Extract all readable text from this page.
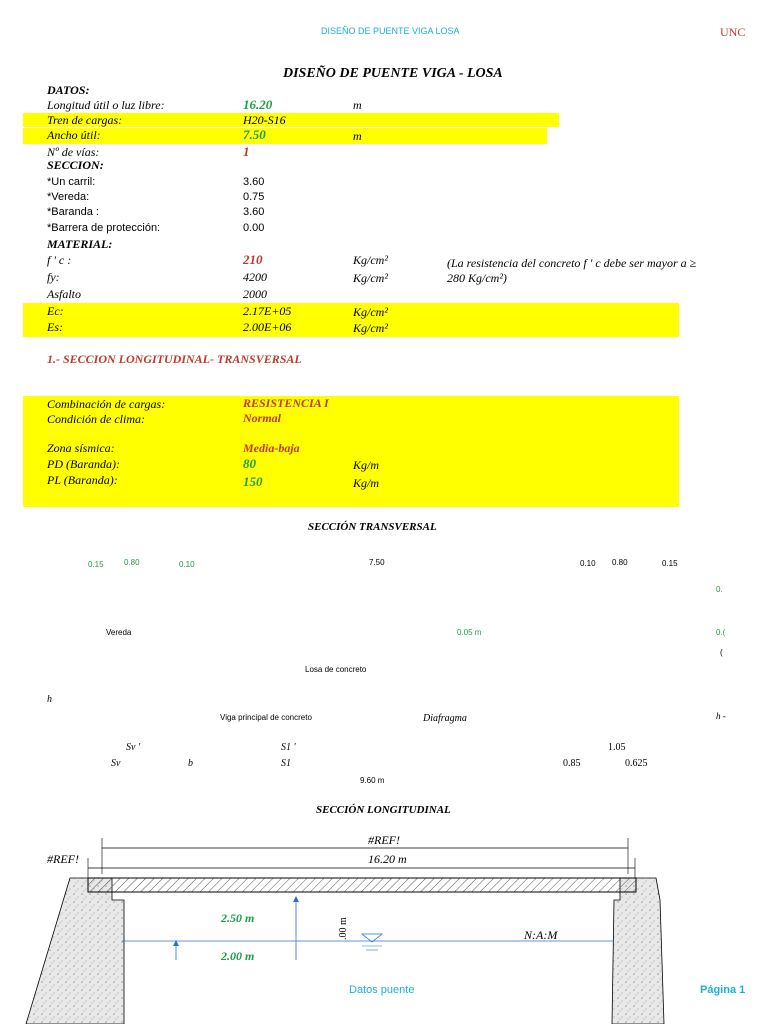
DISEÑO DE PUENTE VIGA LOSA	UNC
DISEÑO DE PUENTE VIGA - LOSA
DATOS:
Longitud útil o luz libre:	16.20	m
Tren de cargas:	H20-S16
Ancho útil:	7.50	m
Nº de vías:	1
SECCION:
*Un carril:	3.60
*Vereda:	0.75
*Baranda :	3.60
*Barrera de protección:	0.00
MATERIAL:
f ' c :	210	Kg/cm²	(La resistencia del concreto f ' c debe ser mayor a ≥
280 Kg/cm²)
fy:	4200	Kg/cm²
Asfalto	2000
Ec:	2.17E+05	Kg/cm²
Es:	2.00E+06	Kg/cm²
1.- SECCION LONGITUDINAL- TRANSVERSAL
Combinación de cargas:	RESISTENCIA I
Condición de clima:	Normal
Zona sísmica:	Media-baja
PD (Baranda):	80	Kg/m
PL (Baranda):	150	Kg/m
SECCIÓN TRANSVERSAL
0.15	0.80	0.10	7.50	0.10 0.80	0.15
0.
Vereda	0.05 m	0.(
(
Losa de concreto
h
Viga principal de concreto	Diafragma	h -
Sv '	S1 '	1.05
Sv	b	S1	0.85	0.625
9.60 m
SECCIÓN LONGITUDINAL
#REF!
#REF!	16.20 m
2.50 m
2.00 m
N:A:M
.00 m
Datos puente	Página 1
